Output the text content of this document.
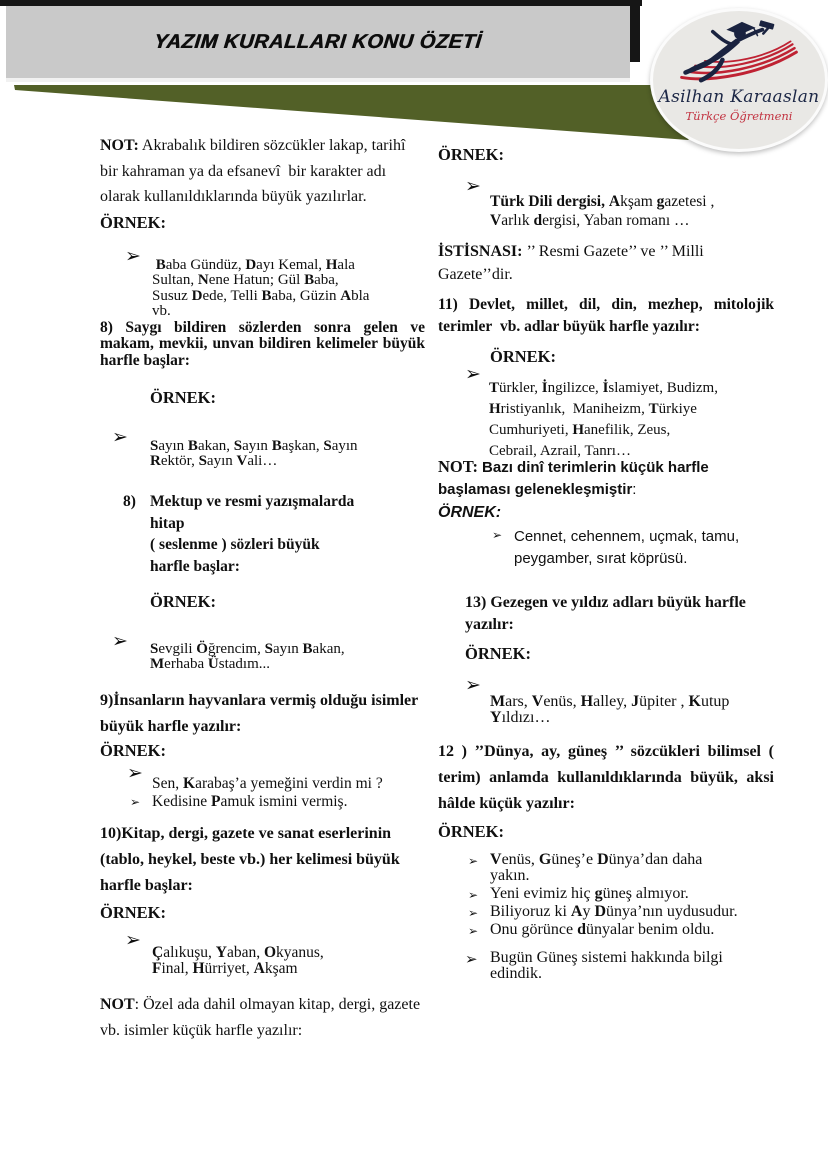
YAZIM KURALLARI KONU ÖZETİ
Asilhan Karaaslan
Türkçe Öğretmeni
NOT: Akrabalık bildiren sözcükler lakap, tarihî bir kahraman ya da efsanevî  bir karakter adı olarak kullanıldıklarında büyük yazılırlar.
ÖRNEK:
➢ Baba Gündüz, Dayı Kemal, Hala
Sultan, Nene Hatun; Gül Baba,
Susuz Dede, Telli Baba, Güzin Abla
vb.
8) Saygı bildiren sözlerden sonra gelen ve makam, mevkii, unvan bildiren kelimeler büyük harfle başlar:
ÖRNEK:
➢ Sayın Bakan, Sayın Başkan, Sayın
Rektör, Sayın Vali…
8) Mektup ve resmi yazışmalarda
hitap
( seslenme ) sözleri büyük
harfle başlar:
ÖRNEK:
➢ Sevgili Öğrencim, Sayın Bakan,
Merhaba Üstadım...
9)İnsanların hayvanlara vermiş olduğu isimler büyük harfle yazılır:
ÖRNEK:
➢ Sen, Karabaş’a yemeğini verdin mi ?
➢ Kedisine Pamuk ismini vermiş.
10)Kitap, dergi, gazete ve sanat eserlerinin (tablo, heykel, beste vb.) her kelimesi büyük harfle başlar:
ÖRNEK:
➢
Çalıkuşu, Yaban, Okyanus,
Final, Hürriyet, Akşam
NOT: Özel ada dahil olmayan kitap, dergi, gazete vb. isimler küçük harfle yazılır:
ÖRNEK:
➢
Türk Dili dergisi, Akşam gazetesi ,
Varlık dergisi, Yaban romanı …
İSTİSNASI: ’’ Resmi Gazete’’ ve ’’ Milli Gazete’’dir.
11) Devlet, millet, dil, din, mezhep, mitolojik terimler  vb. adlar büyük harfle yazılır:
ÖRNEK:
➢
Türkler, İngilizce, İslamiyet, Budizm,
Hristiyanlık,  Maniheizm, Türkiye
Cumhuriyeti, Hanefilik, Zeus,
Cebrail, Azrail, Tanrı…
NOT: Bazı dinî terimlerin küçük harfle başlaması gelenekleşmiştir:
ÖRNEK:
➢ Cennet, cehennem, uçmak, tamu,
peygamber, sırat köprüsü.
13) Gezegen ve yıldız adları büyük harfle yazılır:
ÖRNEK:
➢
Mars, Venüs, Halley, Jüpiter , Kutup
Yıldızı…
12 ) ’’Dünya, ay, güneş ’’ sözcükleri bilimsel ( terim) anlamda kullanıldıklarında büyük, aksi hâlde küçük yazılır:
ÖRNEK:
➢ Venüs, Güneş’e Dünya’dan daha
yakın.
➢ Yeni evimiz hiç güneş almıyor.
➢ Biliyoruz ki Ay Dünya’nın uydusudur.
➢ Onu görünce dünyalar benim oldu.
➢ Bugün Güneş sistemi hakkında bilgi edindik.
